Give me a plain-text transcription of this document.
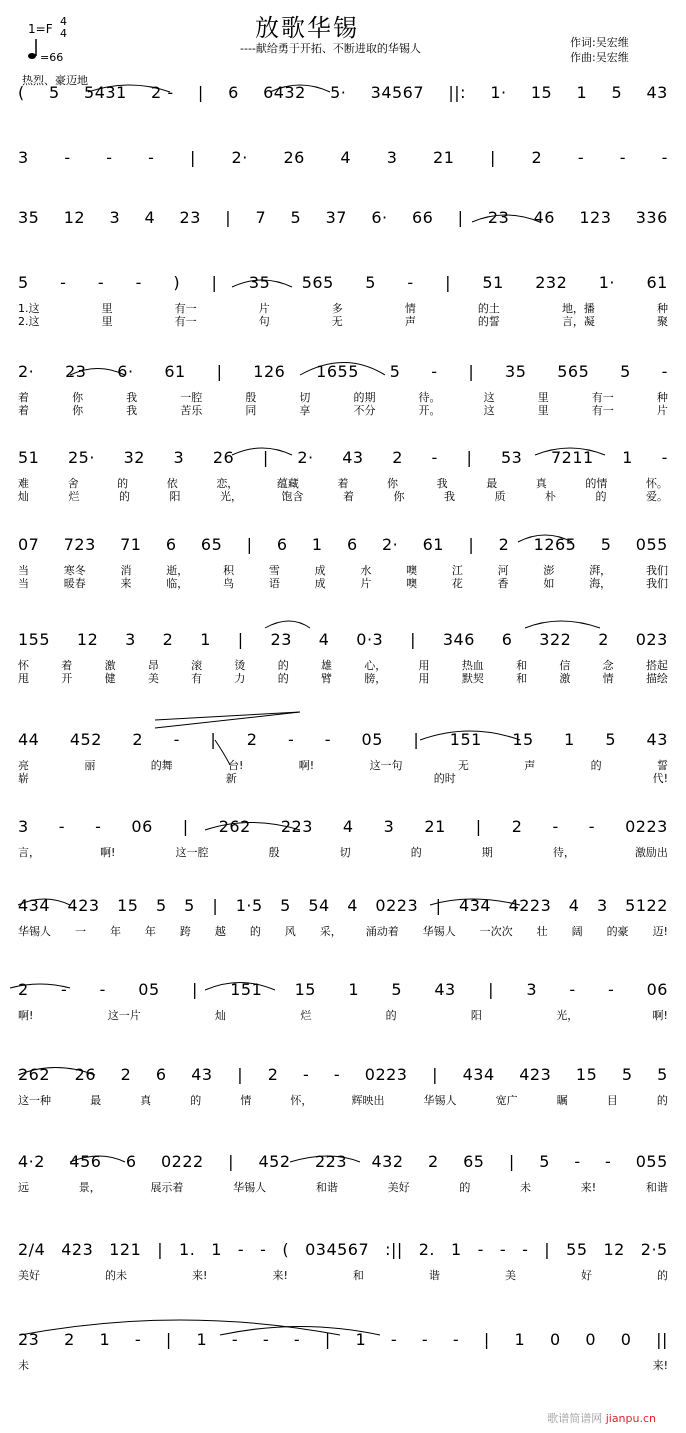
放歌华锡
----献给勇于开拓、不断进取的华锡人	作词:吴宏维
作曲:吴宏维
1=F
4
4
=66
热烈、豪迈地
( 5 5431 2 - | 6 6432 5· 34567 ||: 1· 15 1 5 43
3 - - - | 2· 26 4 3 21 | 2 - - -
35 12 3 4 23 | 7 5 37 6· 66 | 23 46 123 336
5 - - - ) | 35 565 5 - | 51 232 1· 61
1.这	里	有一	片	多	情	的土	地，播	种
2.这	里	有一	句	无	声	的誓	言，凝	聚
2· 23 6· 61 | 126 1655 5 - | 35 565 5 -
着	你	我	一腔	殷	切	的期	待。	这	里	有一	种
着	你	我	苦乐	同	享	不分	开。	这	里	有一	片
51 25· 32 3 26 | 2· 43 2 - | 53 7211 1 -
难	舍	的	依	恋，	蕴藏	着	你	我	最	真	的情	怀。
灿	烂	的	阳	光，	饱含	着	你	我	质	朴	的	爱。
07 723 71 6 65 | 6 1 6 2· 61 | 2 1265 5 055
当	寒冬	消	逝，	积	雪	成	水	噢	江	河	澎	湃，	我们
当	暖春	来	临，	鸟	语	成	片	噢	花	香	如	海，	我们
155 12 3 2 1 | 23 4 0·3 | 346 6 322 2 023
怀	着	激	昂	滚	烫	的	雄	心，	用	热血	和	信	念	搭起
甩	开	健	美	有	力	的	臂	膀，	用	默契	和	激	情	描绘
44 452 2 - | 2 - - 05 | 151 15 1 5 43
亮	丽	的舞	台!	啊!	这一句	无	声	的	誓
崭	新	的时	代!
3 - - 06 | 262 223 4 3 21 | 2 - - 0223
言，	啊!	这一腔	殷	切	的	期	待，	激励出
434 423 15 5 5 | 1·5 5 54 4 0223 | 434 4223 4 3 5122
华锡人 一 年 年 跨 越 的 风 采， 涌动着 华锡人 一次次 壮 阔 的豪 迈!
2 - - 05 | 151 15 1 5 43 | 3 - - 06
啊!	这一片	灿	烂	的	阳	光，	啊!
262 26 2 6 43 | 2 - - 0223 | 434 423 15 5 5
这一种	最	真	的	情	怀，	辉映出	华锡人	宽广	瞩	目	的
4·2 456 6 0222 | 452 223 432 2 65 | 5 - - 055
远	景，	展示着	华锡人	和谐	美好	的	未	来!	和谐
2/4 423 121 | 1. 1 - - ( 034567 :|| 2. 1 - - - | 55 12 2·5
美好	的未	来!	来!	和	谐	美	好	的
23 2 1 - | 1 - - - | 1 - - - | 1 0 0 0 ||
未	来!
歌谱简谱网 jianpu.cn
